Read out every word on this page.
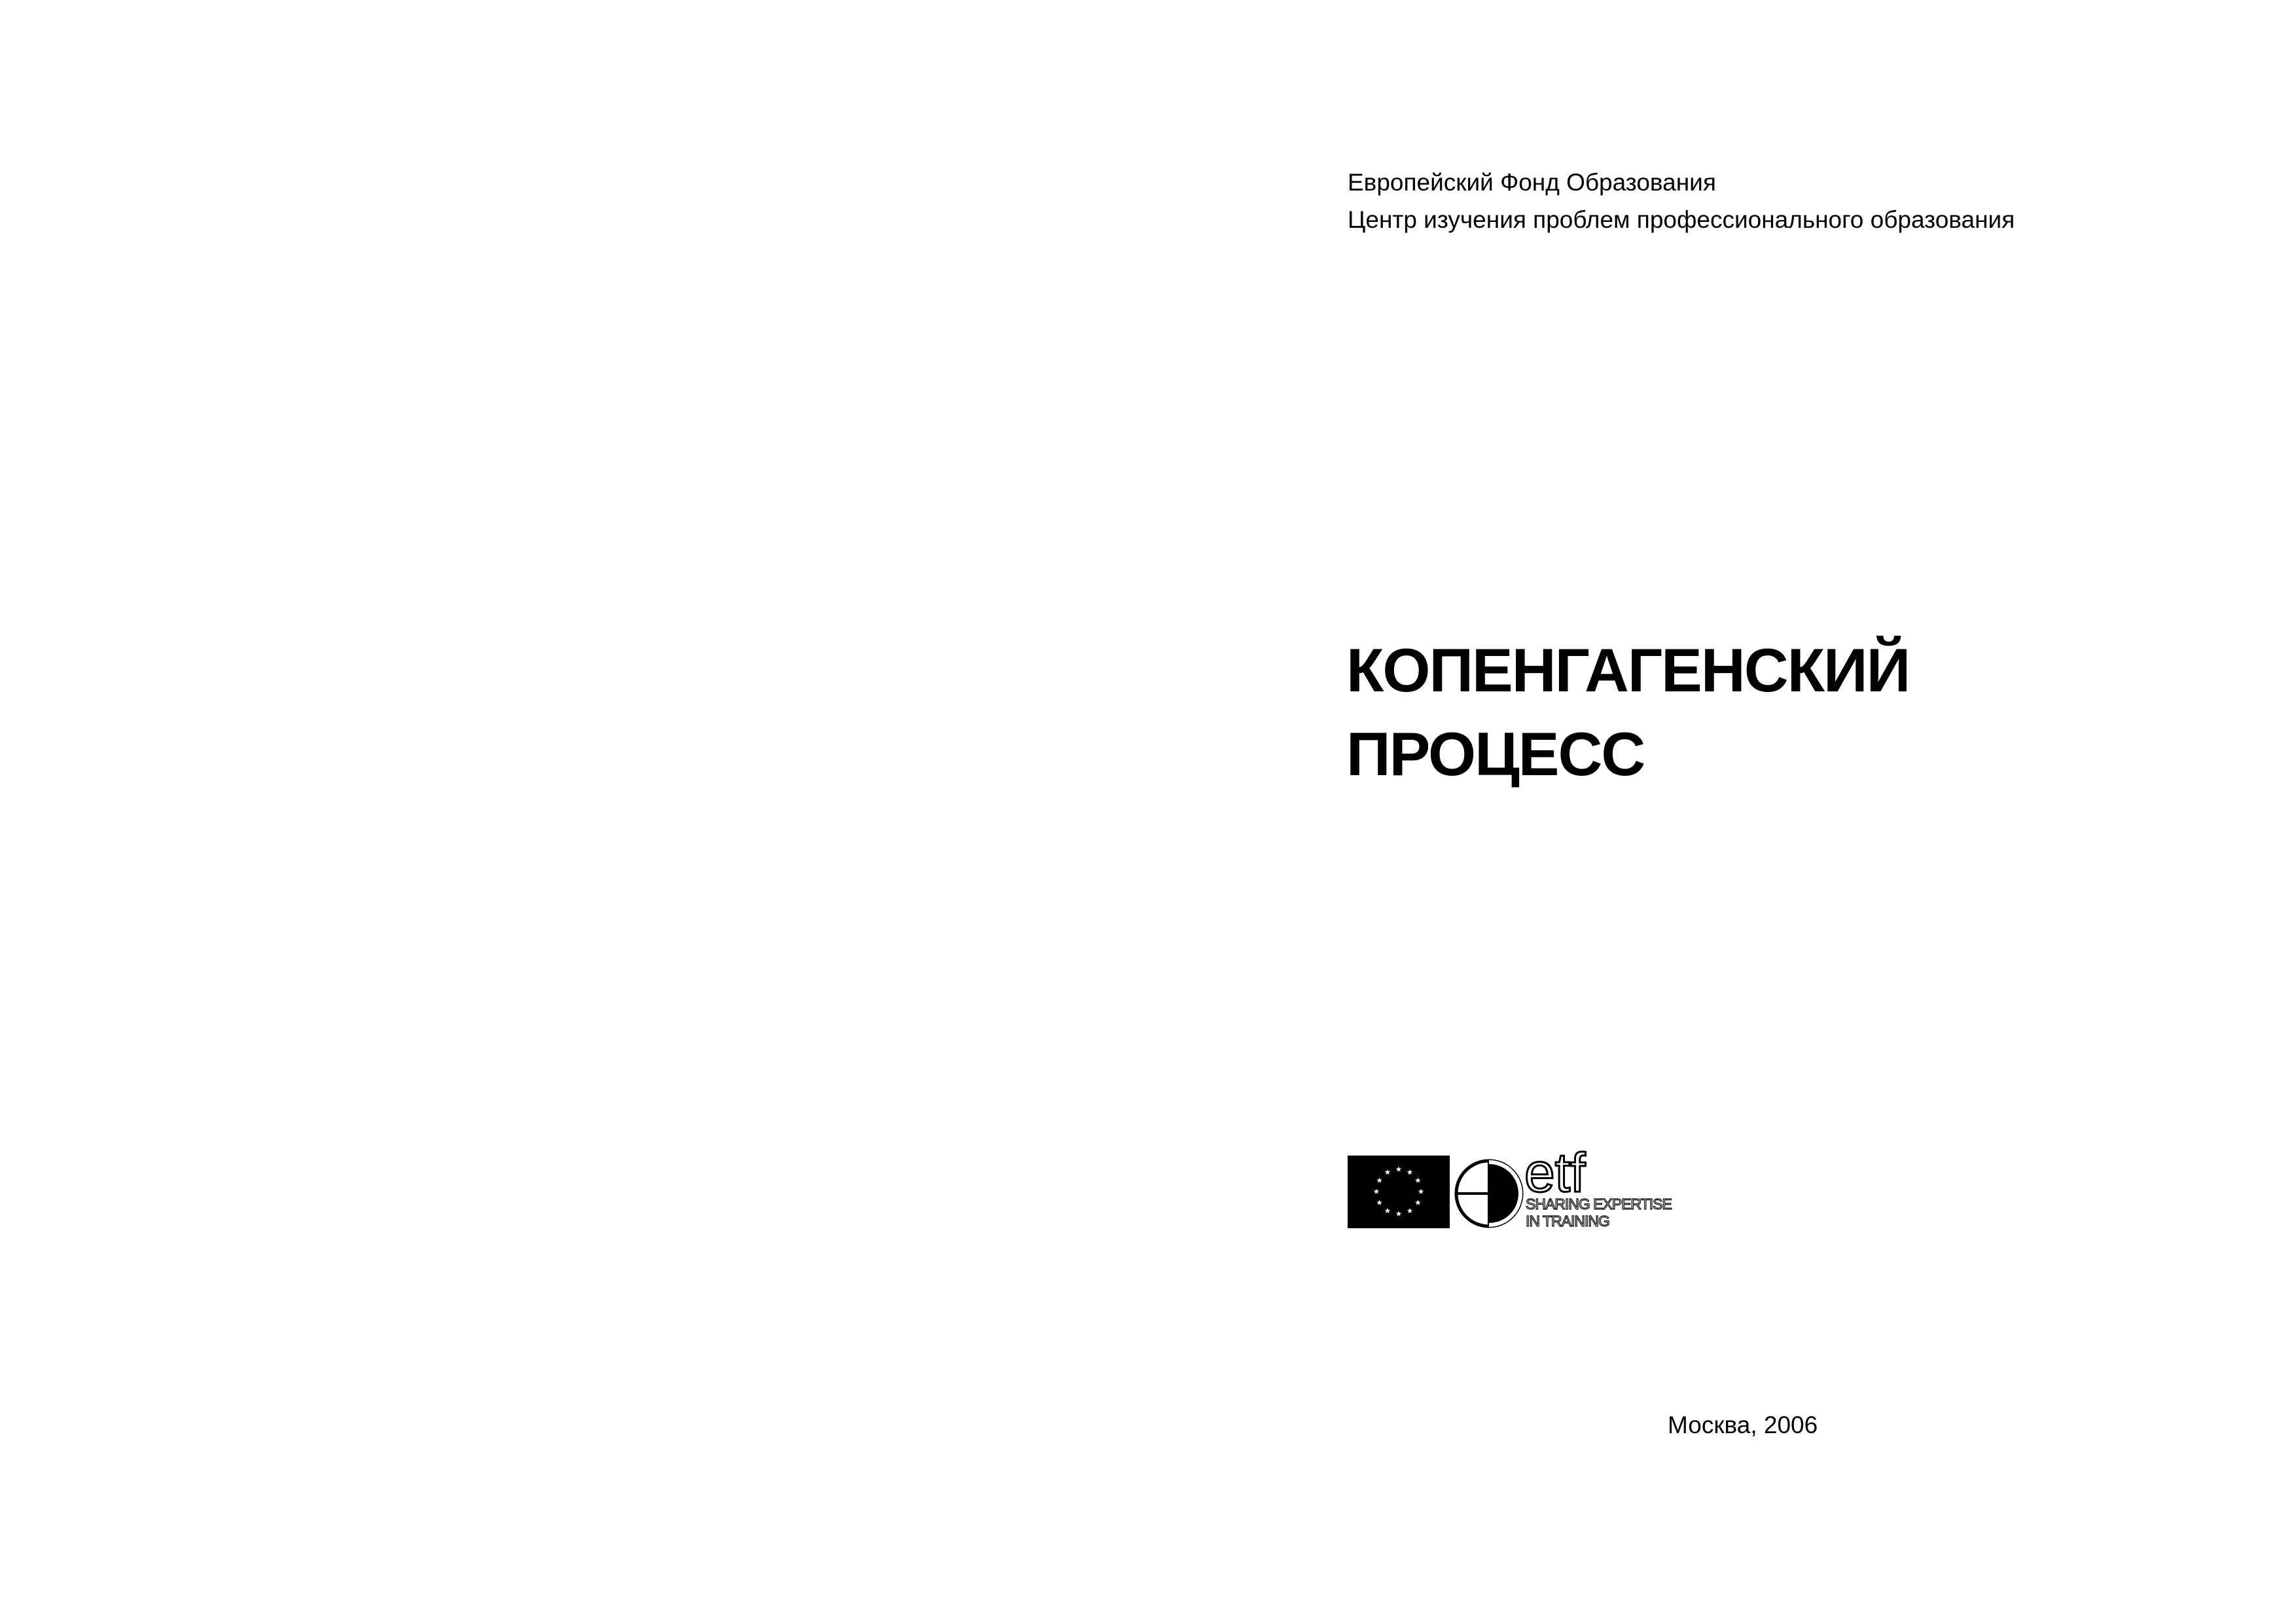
Европейский Фонд Образования
Центр изучения проблем профессионального образования
КОПЕНГАГЕНСКИЙ
ПРОЦЕСС
etf
SHARING EXPERTISE
IN TRAINING
Москва, 2006
